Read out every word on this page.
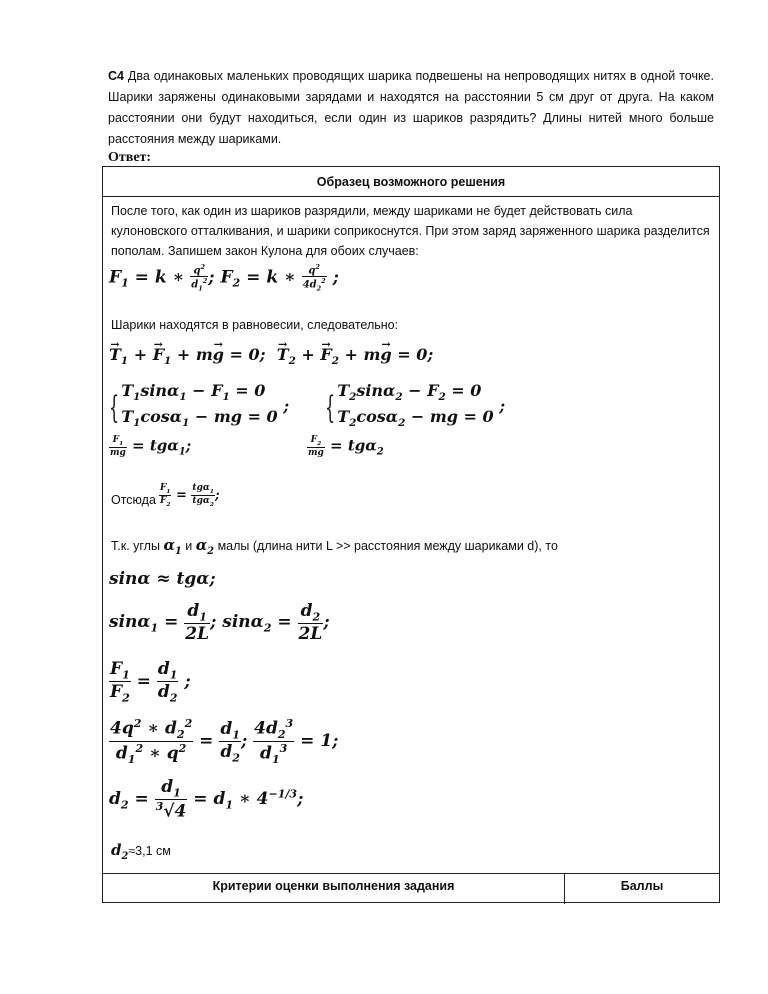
С4 Два одинаковых маленьких проводящих шарика подвешены на непроводящих нитях в одной точке. Шарики заряжены одинаковыми зарядами и находятся на расстоянии 5 см друг от друга. На каком расстоянии они будут находиться, если один из шариков разрядить? Длины нитей много больше расстояния между шариками.
Ответ:
Образец возможного решения
После того, как один из шариков разрядили, между шариками не будет действовать сила кулоновского отталкивания, и шарики соприкоснутся. При этом заряд заряженного шарика разделится пополам. Запишем закон Кулона для обоих случаев:
$F_1 = k$ ∗ $\frac{q^2}{d_1^2}$ ; $F_2 = k$ ∗ $\frac{q^2}{4d_2^2}$ ;
Шарики находятся в равновесии, следовательно:
→ $T_1$ + → $F_1 + m\to g = 0$;  → $T_2$ + → $F_2 + m\to g = 0$;
{ $T_1\sin\alpha_1 - F_1 = 0$
$T_1\cos\alpha_1$ − mg = 0 ; { $T_2\sin\alpha_2 - F_2 = 0$
$T_2\cos\alpha_2$ − mg = 0 ;
$\frac{F_1}{mg} = tg\alpha_1$;	$\frac{F_2}{mg} = tg\alpha_2$
Отсюда $\frac{F_1}{F_2} = tg\alpha_1$
tgα$_2$
;
Т.к. углы $\alpha_1$ и $\alpha_2$ малы (длина нити L >> расстояния между шариками d), то
sinα ≈ tgα;
$\sin\alpha_1 = \frac{d_1}{2L}$ ; $\sin\alpha_2 = \frac{d_2}{2L}$ ;
$\frac{F_1}{F_2} = \frac{d_1}{d_2}$ ;
$\frac{4q^2 ∗ d_2^2}{d_1^2 ∗ q^2} = \frac{d_1}{d_2}$ ; $\frac{4d_2^3}{d_1^3} = 1$;
$d_2 = \frac{d_1}{^3√4} = d_1$ ∗ $4^{-1/3}$;
$d_2\approx 3,1$ см
Критерии оценки выполнения задания	Баллы
